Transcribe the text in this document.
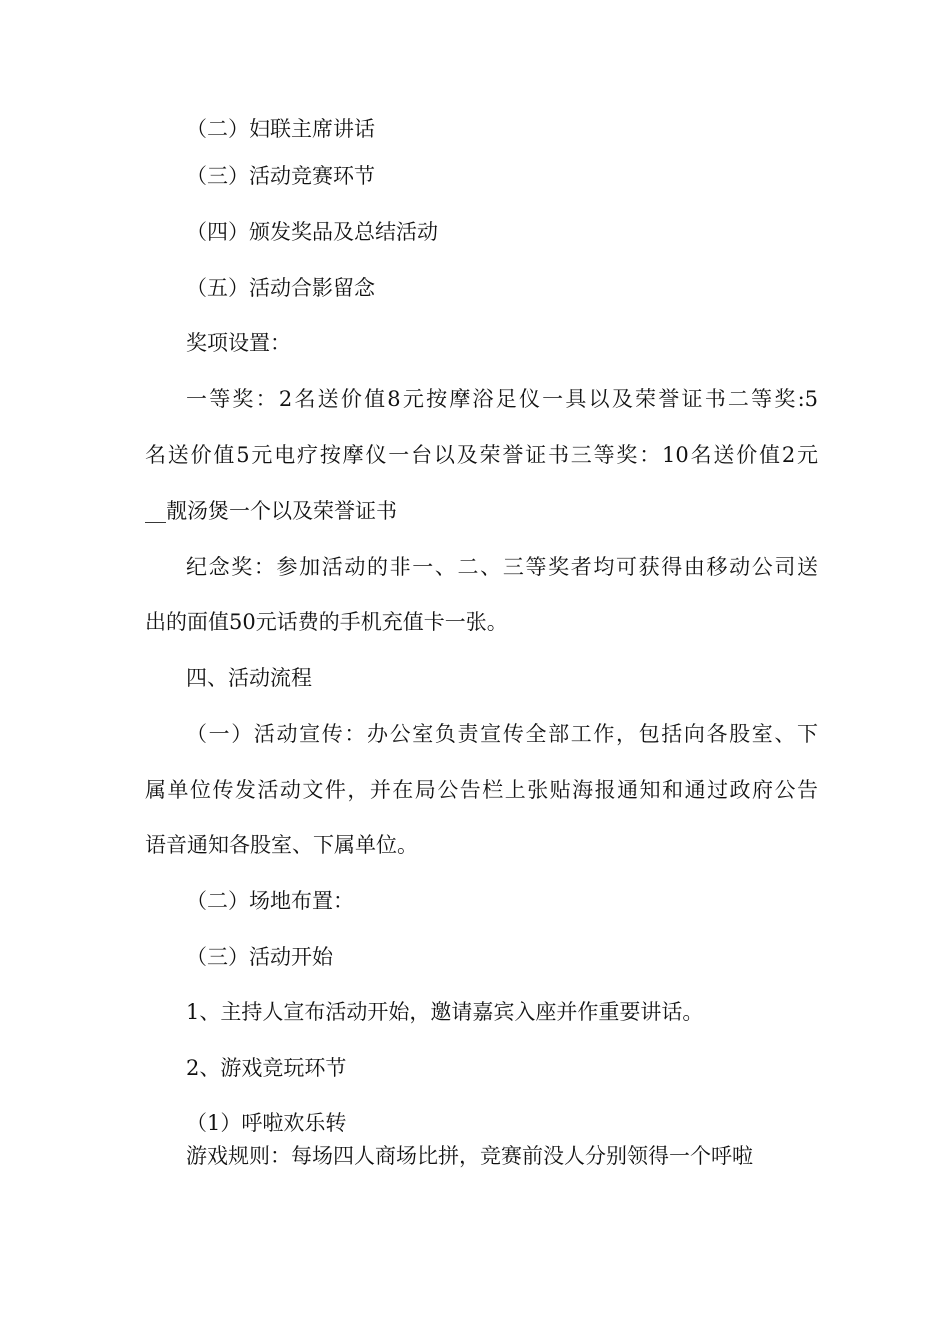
（二）妇联主席讲话
（三）活动竞赛环节
（四）颁发奖品及总结活动
（五）活动合影留念
奖项设置：
一等奖：2名送价值8元按摩浴足仪一具以及荣誉证书二等奖:5
名送价值5元电疗按摩仪一台以及荣誉证书三等奖：10名送价值2元
__靓汤煲一个以及荣誉证书
纪念奖：参加活动的非一、二、三等奖者均可获得由移动公司送
出的面值50元话费的手机充值卡一张。
四、活动流程
（一）活动宣传：办公室负责宣传全部工作，包括向各股室、下
属单位传发活动文件，并在局公告栏上张贴海报通知和通过政府公告
语音通知各股室、下属单位。
（二）场地布置：
（三）活动开始
1、主持人宣布活动开始，邀请嘉宾入座并作重要讲话。
2、游戏竞玩环节
（1）呼啦欢乐转
游戏规则：每场四人商场比拼，竞赛前没人分别领得一个呼啦
